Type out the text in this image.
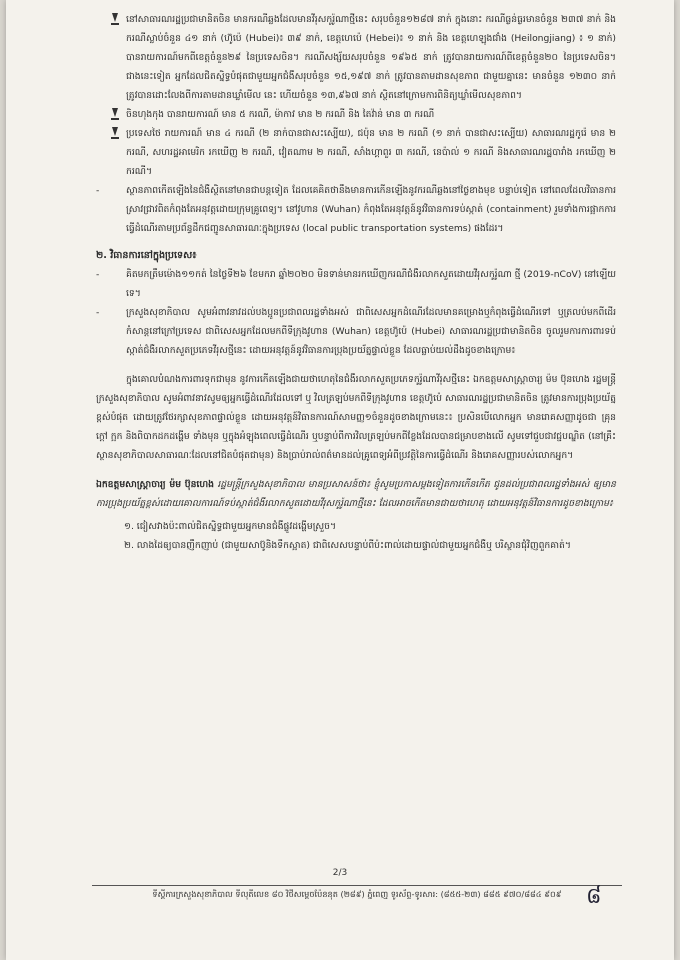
នៅសាធារណរដ្ឋប្រជាមានិតចិន មានករណីឆ្លងដែលមានវីរុសកូរ៉ូណាថ្មីនេះ សរុបចំនួន១២៨៧ នាក់ ក្នុងនោះ ករណីធ្ងន់ធ្ងរមានចំនួន ២៣៧ នាក់ និងករណីស្លាប់ចំនួន ៤១ នាក់ (ហ៊ូប៉េ (Hubei)៖ ៣៩ នាក់, ខេត្តហេប៉េ (Hebei)៖ ១ នាក់ និង ខេត្តហេឡុងជាំង (Heilongjiang) ៖ ១ នាក់) បានរាយការណ៍មកពីខេត្តចំនួន២៩ នៃប្រទេសចិន។ ករណីសង្ស័យសរុបចំនួន ១៩៦៥ នាក់ ត្រូវបានរាយការណ៍ពីខេត្តចំនួន២០ នៃប្រទេសចិន។ ជាងនេះទៀត អ្នកដែលជិតស្និទ្ធបំផុតជាមួយអ្នកជំងឺសរុបចំនួន ១៥,១៩៧ នាក់ ត្រូវបានតាមដានសុខភាព ជាមួយគ្នានេះ មានចំនួន ១២៣០ នាក់ ត្រូវបានដោះលែងពីការតាមដានឃ្លាំមើល នេះ ហើយចំនួន ១៣,៩៦៧ នាក់ ស្ថិតនៅក្រោមការពិនិត្យឃ្លាំមើលសុខភាព។

ចិនហុងកុង បានរាយការណ៍ មាន ៥ ករណី, ម៉ាកាវ មាន ២ ករណី និង តៃវ៉ាន់ មាន ៣ ករណី

ប្រទេសថៃ រាយការណ៍ មាន ៤ ករណី (២ នាក់បានជាសះស្បើយ), ជប៉ុន មាន ២ ករណី (១ នាក់ បានជាសះស្បើយ) សាធារណរដ្ឋកូរ៉េ មាន ២ ករណី, សហរដ្ឋអាមេរិក រកឃើញ ២ ករណី, វៀតណាម ២ ករណី, សាំងហ្គាពួរ ៣ ករណី, នេប៉ាល់ ១ ករណី និងសាធារណរដ្ឋបារាំង រកឃើញ ២ ករណី។

-	ស្ថានភាពកើតឡើងនៃជំងឺស្ថិតនៅមានជាបន្តទៀត ដែលគេគិតថានឹងមានការកើនឡើងនូវករណីឆ្លងនៅថ្ងៃខាងមុខ បន្ទាប់ទៀត នៅពេលដែលវិធានការស្រាវជ្រាវពិតកំពុងតែអនុវត្តដោយក្រុមគ្រូពេទ្យ។ នៅវូហាន (Wuhan) កំពុងតែអនុវត្តន៍នូវវិធានការទប់ស្កាត់ (containment) រួមទាំងការផ្អាកការធ្វើដំណើរតាមប្រព័ន្ធដឹកជញ្ជូនសាធារណៈក្នុងប្រទេស (local public transportation systems) ផងដែរ។

២. វិធានការនៅក្នុងប្រទេស៖

-	គិតមកត្រឹមម៉ោង១១កត់ នៃថ្ងៃទី២៦ ខែមករា ឆ្នាំ២០២០ មិនទាន់មានរកឃើញករណីជំងឺរលាកសួតដោយវីរុសកូរ៉ូណា ថ្មី (2019-nCoV) នៅឡើយទេ។

-	ក្រសួងសុខាភិបាល សូមអំពាវនាវដល់បងប្អូនប្រជាពលរដ្ឋទាំងអស់ ជាពិសេសអ្នកដំណើរដែលមានគម្រោងឬកំពុងធ្វើដំណើរទៅ ឬត្រលប់មកពីដើរកំសាន្តនៅក្រៅប្រទេស ជាពិសេសអ្នកដែលមកពីទីក្រុងវូហាន (Wuhan) ខេត្តហ៊ូប៉េ (Hubei) សាធារណរដ្ឋប្រជាមានិតចិន ចូលរួមការការពារទប់ស្កាត់ជំងឺរលាកសួតប្រភេទវីរុសថ្មីនេះ ដោយអនុវត្តន៍នូវវិធានការប្រុងប្រយ័ត្នផ្ទាល់ខ្លួន ដែលធ្លាប់យល់ដឹងដូចខាងក្រោម៖

ក្នុងគោលបំណងការពារទុកជាមុន នូវការកើតឡើងជាយថាហេតុនៃជំងឺរលាកសួតប្រភេទកូរ៉ូណាវីរុសថ្មីនេះ ឯកឧត្តមសាស្ត្រាចារ្យ ម៉ម ប៊ុនហេង រដ្ឋមន្ត្រីក្រសួងសុខាភិបាល សូមអំពាវនាវសូមឲ្យអ្នកធ្វើដំណើរដែលទៅ ឬ វិលត្រឡប់មកពីទីក្រុងវូហាន ខេត្តហ៊ូប៉េ សាធារណរដ្ឋប្រជាមានិតចិន ត្រូវមានការប្រុងប្រយ័ត្នខ្ពស់បំផុត ដោយត្រូវថែរក្សាសុខភាពផ្ទាល់ខ្លួន ដោយអនុវត្តន៍វិធានការណ៍សាមញ្ញ១ចំនួនដូចខាងក្រោមនេះ៖ ប្រសិនបើលោកអ្នក មានរោគសញ្ញាដូចជា គ្រុនក្តៅ ក្អក និងពិបាកដកដង្ហើម ទាំងមុន ឬក្នុងអំឡុងពេលធ្វើដំណើរ ឬបន្ទាប់ពីការវិលត្រឡប់មកពីខ្លែងដែលបានជម្រាបខាងលើ សូមទៅជួបជាវជ្ជបណ្ឌិត (នៅគ្រឹះស្ថានសុខាភិបាលសាធារណៈដែលនៅជិតបំផុតជាមុន) និងប្រាប់រាល់ពត៌មានដល់គ្រូពេទ្យអំពីប្រវត្តិនៃការធ្វើដំណើរ និងរោគសញ្ញារបស់លោកអ្នក។

ឯកឧត្តមសាស្ត្រាចារ្យ ម៉ម ប៊ុនហេង រដ្ឋមន្ត្រីក្រសួងសុខាភិបាល មានប្រសាសន៍ថា៖ ខ្ញុំសូមប្រកាសម្តងទៀតការកើនកើត ជូនដល់ប្រជាពលរដ្ឋទាំងអស់ ឲ្យមានការប្រុងប្រយ័ត្នខ្ពស់ដោយគោលការណ៍ទប់ស្កាត់ជំងឺរលាកសួតដោយវីរុសកូរ៉ូណាថ្មីនេះ ដែលអាចកើតមានជាយថាហេតុ ដោយអនុវត្តន៍វិធានការដូចខាងក្រោម៖

១. ជៀសវាងប៉ះពាល់ជិតស្និទ្ធជាមួយអ្នកមានជំងឺផ្លូវដង្ហើមស្រួច។

២. លាងដៃឲ្យបានញឹកញាប់ (ជាមួយសាប៊ូនិងទឹកស្អាត) ជាពិសេសបន្ទាប់ពីប៉ះពាល់ដោយផ្ទាល់ជាមួយអ្នកជំងឺឬ បរិស្ថានជុំវិញពួកគាត់។

2/3
ទីស្តីការក្រសួងសុខាភិបាល ទីលុតីលេខ ៨០ វិថីសម្តេចប៉ែននុត (២៨៩) ភ្នំពេញ ទូរស័ព្ទ-ទូរសារ: (៨៥៥-២៣) ៨៨៥ ៩៧០/៨៨៤ ៩០៩	៨
